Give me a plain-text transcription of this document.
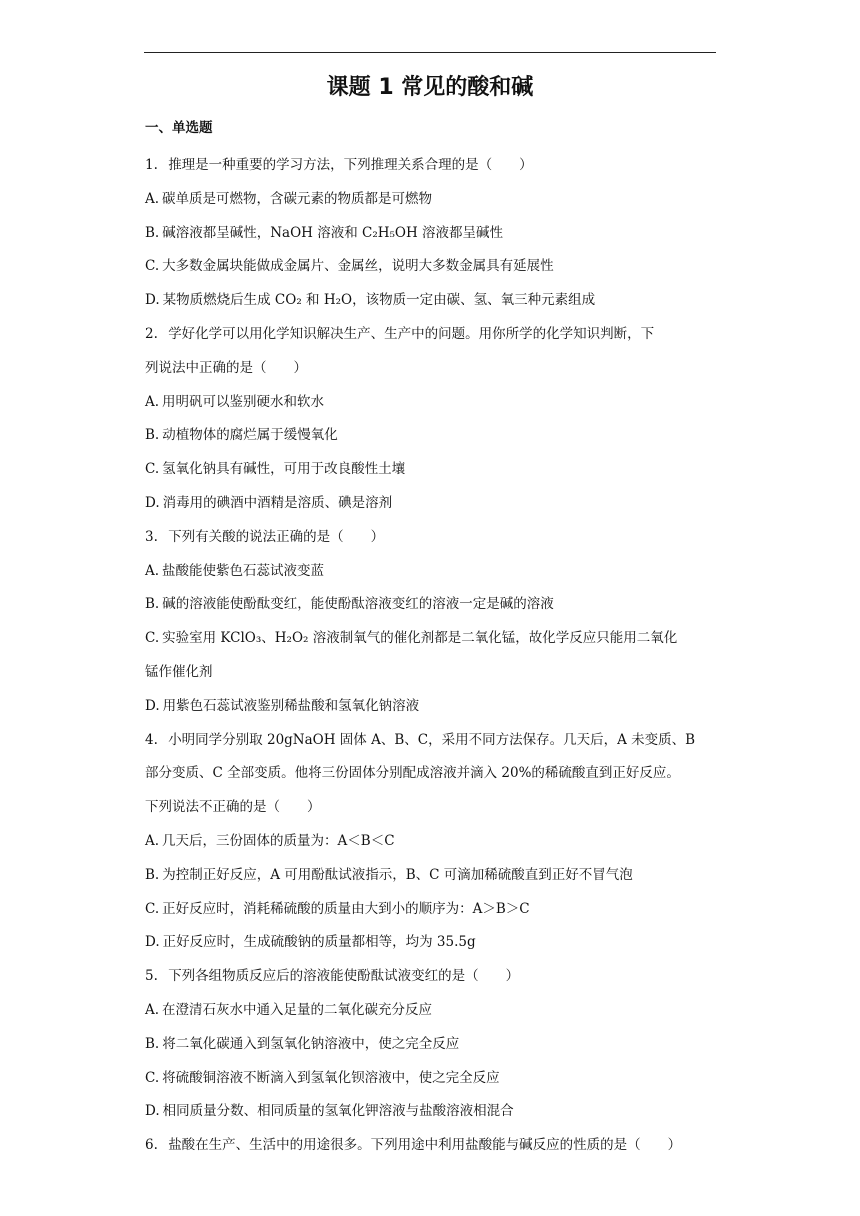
课题 1 常见的酸和碱
一、单选题
1. 推理是一种重要的学习方法，下列推理关系合理的是（　　）
A. 碳单质是可燃物，含碳元素的物质都是可燃物
B. 碱溶液都呈碱性，NaOH 溶液和 C₂H₅OH 溶液都呈碱性
C. 大多数金属块能做成金属片、金属丝，说明大多数金属具有延展性
D. 某物质燃烧后生成 CO₂ 和 H₂O，该物质一定由碳、氢、氧三种元素组成
2. 学好化学可以用化学知识解决生产、生产中的问题。用你所学的化学知识判断，下
列说法中正确的是（　　）
A. 用明矾可以鉴别硬水和软水
B. 动植物体的腐烂属于缓慢氧化
C. 氢氧化钠具有碱性，可用于改良酸性土壤
D. 消毒用的碘酒中酒精是溶质、碘是溶剂
3. 下列有关酸的说法正确的是（　　）
A. 盐酸能使紫色石蕊试液变蓝
B. 碱的溶液能使酚酞变红，能使酚酞溶液变红的溶液一定是碱的溶液
C. 实验室用 KClO₃、H₂O₂ 溶液制氧气的催化剂都是二氧化锰，故化学反应只能用二氧化
锰作催化剂
D. 用紫色石蕊试液鉴别稀盐酸和氢氧化钠溶液
4. 小明同学分别取 20gNaOH 固体 A、B、C，采用不同方法保存。几天后，A 未变质、B
部分变质、C 全部变质。他将三份固体分别配成溶液并滴入 20%的稀硫酸直到正好反应。
下列说法不正确的是（　　）
A. 几天后，三份固体的质量为：A＜B＜C
B. 为控制正好反应，A 可用酚酞试液指示，B、C 可滴加稀硫酸直到正好不冒气泡
C. 正好反应时，消耗稀硫酸的质量由大到小的顺序为：A＞B＞C
D. 正好反应时，生成硫酸钠的质量都相等，均为 35.5g
5. 下列各组物质反应后的溶液能使酚酞试液变红的是（　　）
A. 在澄清石灰水中通入足量的二氧化碳充分反应
B. 将二氧化碳通入到氢氧化钠溶液中，使之完全反应
C. 将硫酸铜溶液不断滴入到氢氧化钡溶液中，使之完全反应
D. 相同质量分数、相同质量的氢氧化钾溶液与盐酸溶液相混合
6. 盐酸在生产、生活中的用途很多。下列用途中利用盐酸能与碱反应的性质的是（　　）
